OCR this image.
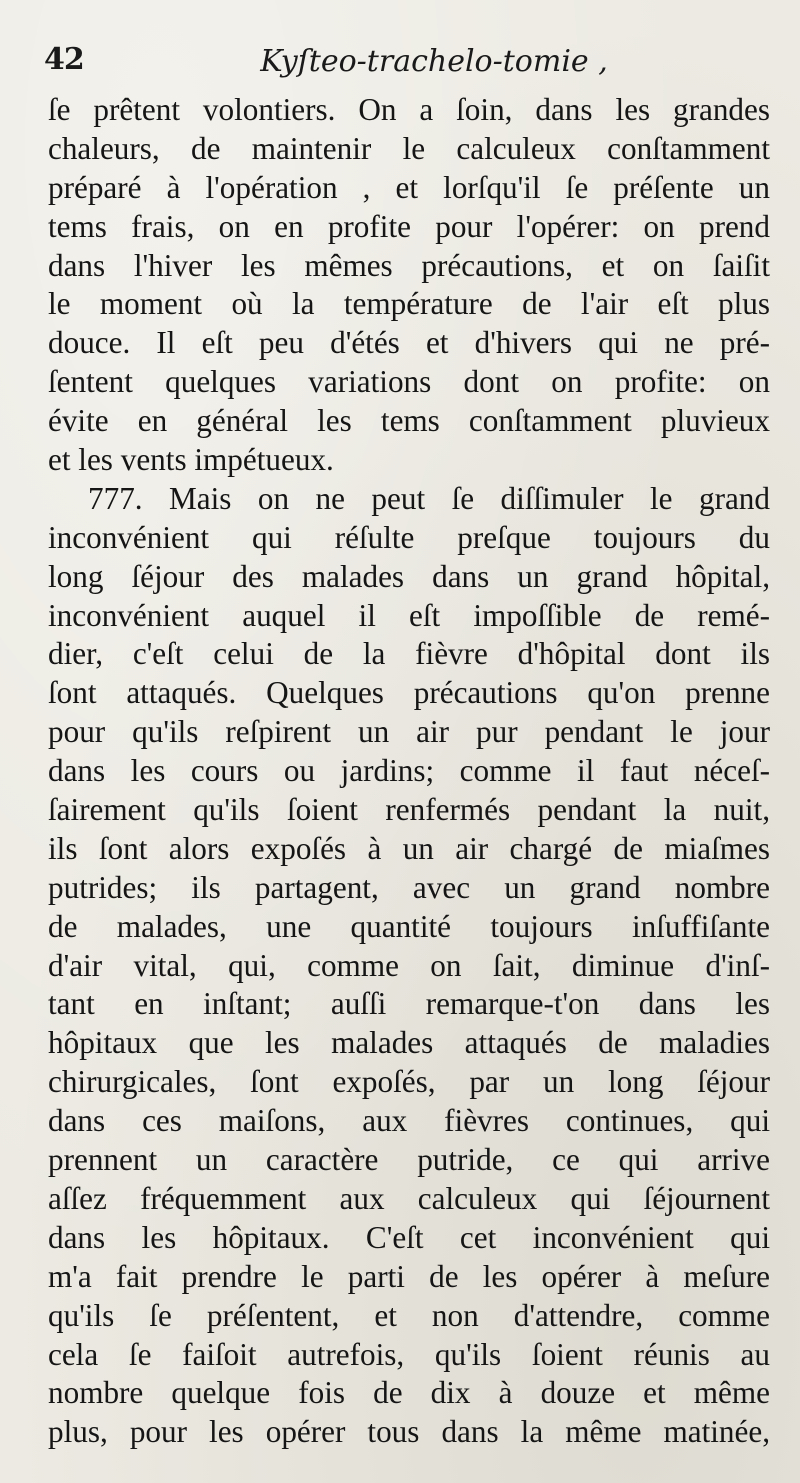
42	Kyſteo-trachelo-tomie ,
ſe prêtent volontiers. On a ſoin, dans les grandes
chaleurs, de maintenir le calculeux conſtamment
préparé à l'opération , et lorſqu'il ſe préſente un
tems frais, on en profite pour l'opérer: on prend
dans l'hiver les mêmes précautions, et on ſaiſit
le moment où la température de l'air eſt plus
douce. Il eſt peu d'étés et d'hivers qui ne pré-
ſentent quelques variations dont on profite: on
évite en général les tems conſtamment pluvieux
et les vents impétueux.
777. Mais on ne peut ſe diſſimuler le grand
inconvénient qui réſulte preſque toujours du
long ſéjour des malades dans un grand hôpital,
inconvénient auquel il eſt impoſſible de remé-
dier, c'eſt celui de la fièvre d'hôpital dont ils
ſont attaqués. Quelques précautions qu'on prenne
pour qu'ils reſpirent un air pur pendant le jour
dans les cours ou jardins; comme il faut néceſ-
ſairement qu'ils ſoient renfermés pendant la nuit,
ils ſont alors expoſés à un air chargé de miaſmes
putrides; ils partagent, avec un grand nombre
de malades, une quantité toujours inſuffiſante
d'air vital, qui, comme on ſait, diminue d'inſ-
tant en inſtant; auſſi remarque-t'on dans les
hôpitaux que les malades attaqués de maladies
chirurgicales, ſont expoſés, par un long ſéjour
dans ces maiſons, aux fièvres continues, qui
prennent un caractère putride, ce qui arrive
aſſez fréquemment aux calculeux qui ſéjournent
dans les hôpitaux. C'eſt cet inconvénient qui
m'a fait prendre le parti de les opérer à meſure
qu'ils ſe préſentent, et non d'attendre, comme
cela ſe faiſoit autrefois, qu'ils ſoient réunis au
nombre quelque fois de dix à douze et même
plus, pour les opérer tous dans la même matinée,
